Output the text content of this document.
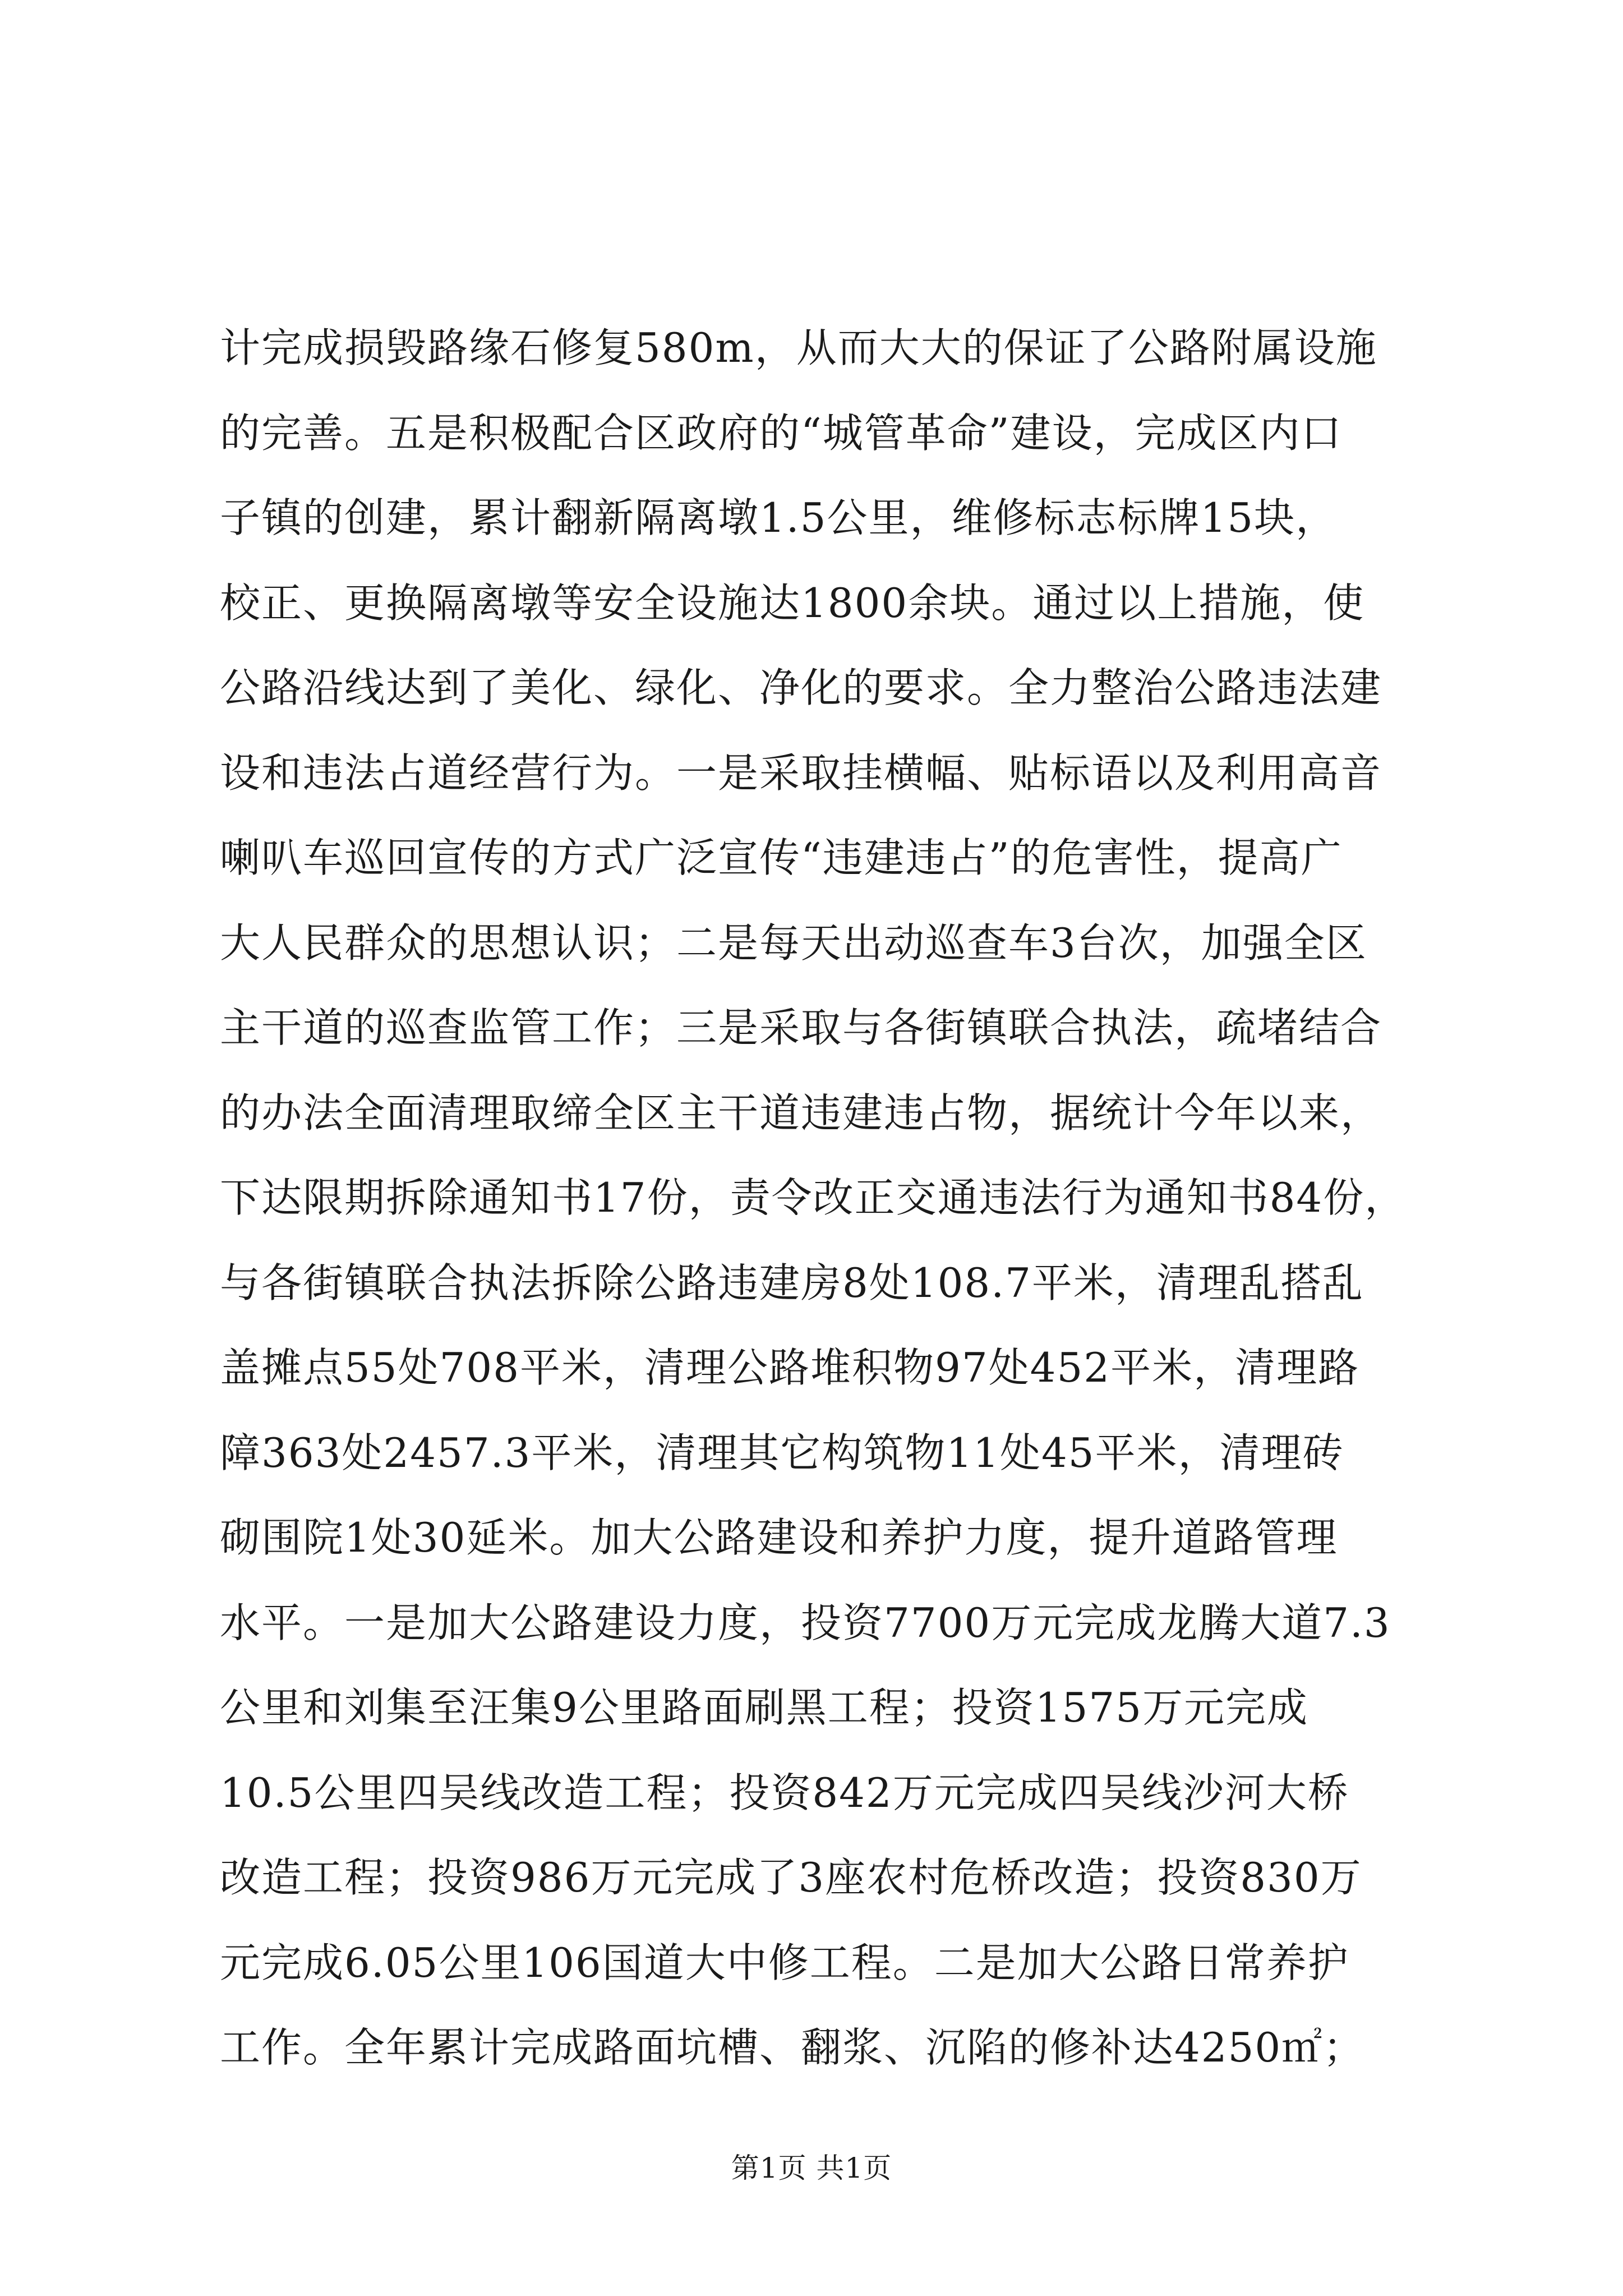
计完成损毁路缘石修复580m，从而大大的保证了公路附属设施
的完善。五是积极配合区政府的“城管革命”建设，完成区内口
子镇的创建，累计翻新隔离墩1.5公里，维修标志标牌15块，
校正、更换隔离墩等安全设施达1800余块。通过以上措施，使
公路沿线达到了美化、绿化、净化的要求。全力整治公路违法建
设和违法占道经营行为。一是采取挂横幅、贴标语以及利用高音
喇叭车巡回宣传的方式广泛宣传“违建违占”的危害性，提高广
大人民群众的思想认识；二是每天出动巡查车3台次，加强全区
主干道的巡查监管工作；三是采取与各街镇联合执法，疏堵结合
的办法全面清理取缔全区主干道违建违占物，据统计今年以来，
下达限期拆除通知书17份，责令改正交通违法行为通知书84份，
与各街镇联合执法拆除公路违建房8处108.7平米，清理乱搭乱
盖摊点55处708平米，清理公路堆积物97处452平米，清理路
障363处2457.3平米，清理其它构筑物11处45平米，清理砖
砌围院1处30延米。加大公路建设和养护力度，提升道路管理
水平。一是加大公路建设力度，投资7700万元完成龙腾大道7.3
公里和刘集至汪集9公里路面刷黑工程；投资1575万元完成
10.5公里四吴线改造工程；投资842万元完成四吴线沙河大桥
改造工程；投资986万元完成了3座农村危桥改造；投资830万
元完成6.05公里106国道大中修工程。二是加大公路日常养护
工作。全年累计完成路面坑槽、翻浆、沉陷的修补达4250㎡；
第1页 共1页
